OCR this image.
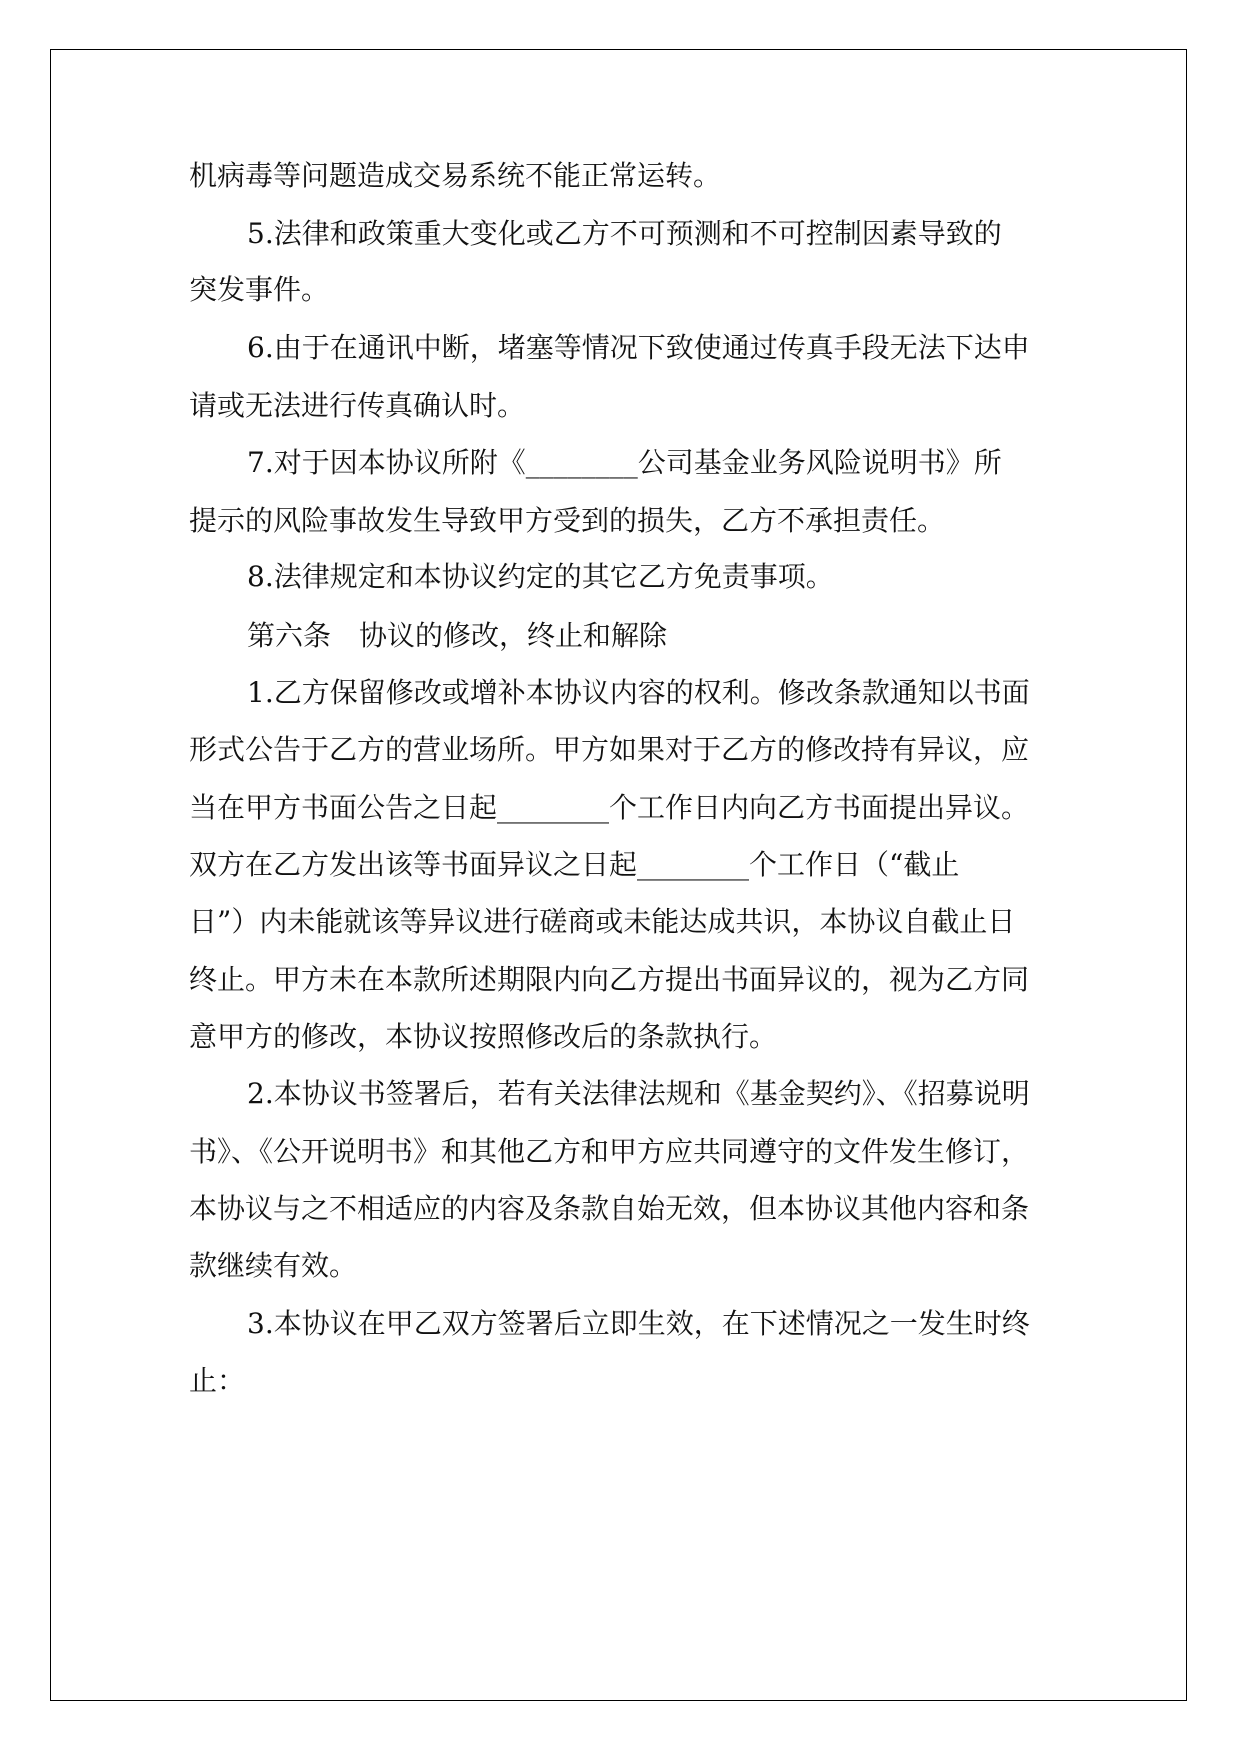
机病毒等问题造成交易系统不能正常运转。
5.法律和政策重大变化或乙方不可预测和不可控制因素导致的
突发事件。
6.由于在通讯中断，堵塞等情况下致使通过传真手段无法下达申
请或无法进行传真确认时。
7.对于因本协议所附《________公司基金业务风险说明书》所
提示的风险事故发生导致甲方受到的损失，乙方不承担责任。
8.法律规定和本协议约定的其它乙方免责事项。
第六条　协议的修改，终止和解除
1.乙方保留修改或增补本协议内容的权利。修改条款通知以书面
形式公告于乙方的营业场所。甲方如果对于乙方的修改持有异议，应
当在甲方书面公告之日起________个工作日内向乙方书面提出异议。
双方在乙方发出该等书面异议之日起________个工作日（“截止
日”）内未能就该等异议进行磋商或未能达成共识，本协议自截止日
终止。甲方未在本款所述期限内向乙方提出书面异议的，视为乙方同
意甲方的修改，本协议按照修改后的条款执行。
2.本协议书签署后，若有关法律法规和《基金契约》、《招募说明
书》、《公开说明书》和其他乙方和甲方应共同遵守的文件发生修订，
本协议与之不相适应的内容及条款自始无效，但本协议其他内容和条
款继续有效。
3.本协议在甲乙双方签署后立即生效，在下述情况之一发生时终
止：
